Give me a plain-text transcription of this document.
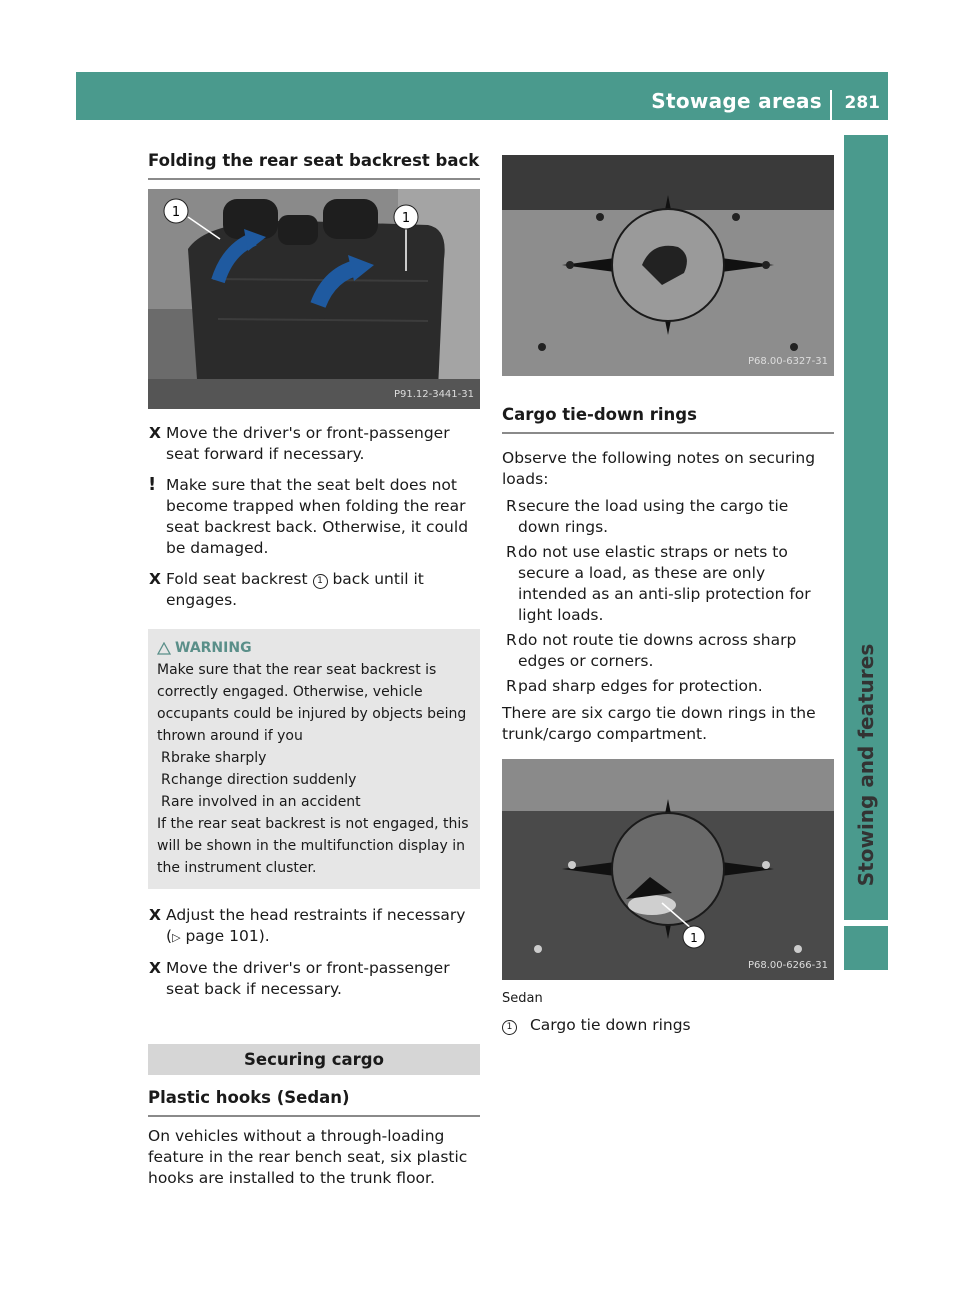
Stowage areas 281
Stowing and features
Folding the rear seat backrest back
1	1
P91.12-3441-31
X Move the driver's or front-passenger seat forward if necessary.
! Make sure that the seat belt does not become trapped when folding the rear seat backrest back. Otherwise, it could be damaged.
X Fold seat backrest 1 back until it engages.
WARNING
Make sure that the rear seat backrest is correctly engaged. Otherwise, vehicle occupants could be injured by objects being thrown around if you
R brake sharply
R change direction suddenly
R are involved in an accident
If the rear seat backrest is not engaged, this will be shown in the multifunction display in the instrument cluster.
X Adjust the head restraints if necessary
(▷ page 101).
X Move the driver's or front-passenger seat back if necessary.
Securing cargo
Plastic hooks (Sedan)
On vehicles without a through-loading feature in the rear bench seat, six plastic hooks are installed to the trunk floor.
P68.00-6327-31
Cargo tie-down rings
Observe the following notes on securing loads:
R secure the load using the cargo tie down rings.
R do not use elastic straps or nets to secure a load, as these are only intended as an anti-slip protection for light loads.
R do not route tie downs across sharp edges or corners.
R pad sharp edges for protection.
There are six cargo tie down rings in the trunk/cargo compartment.
1
P68.00-6266-31
Sedan
1 Cargo tie down rings
